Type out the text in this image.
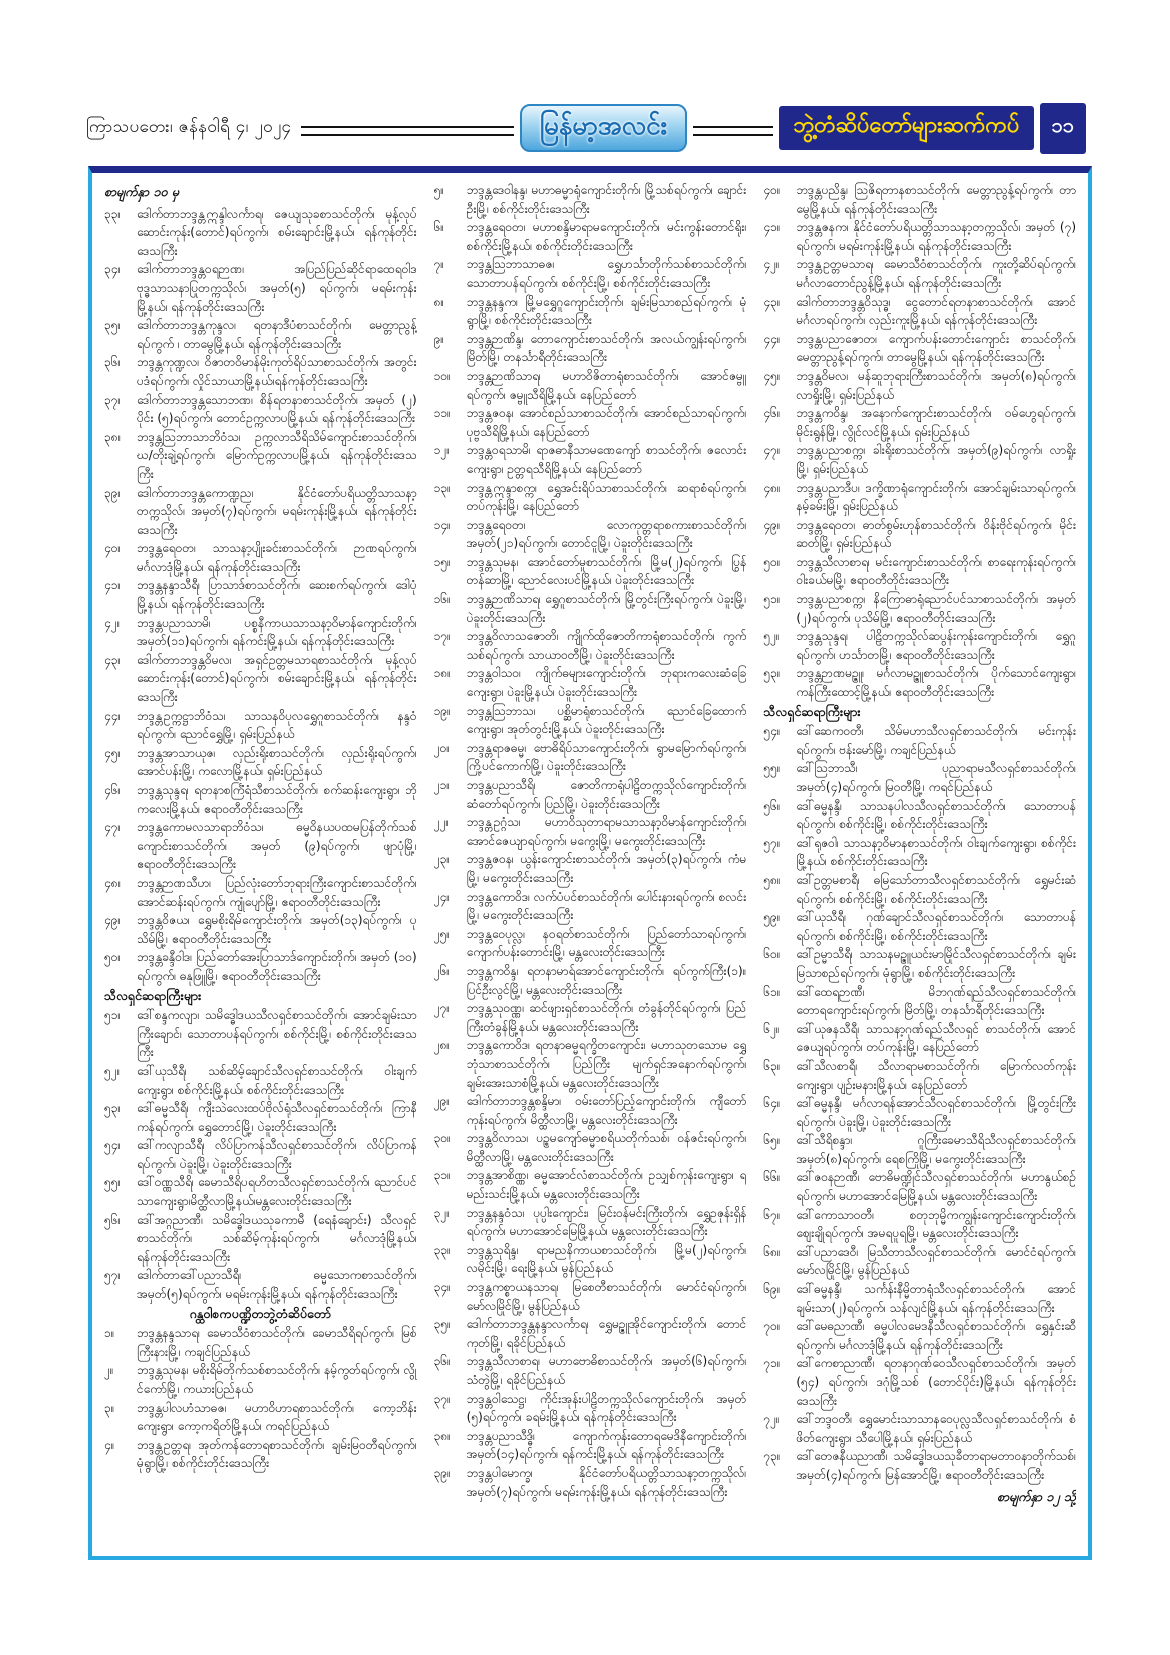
ကြာသပတေး၊ ဇန်နဝါရီ ၄၊ ၂၀၂၄	မြန်မာ့အလင်း	ဘွဲ့တံဆိပ်တော်များဆက်ကပ်	၁၁
စာမျက်နှာ ၁၀ မှ
၃၃။ ဒေါက်တာဘဒ္ဒန္တဣန္ဒါလင်္ကာရ၊ ဇေယျသုခစာသင်တိုက်၊ မုန့်လုပ်ဆောင်းကုန်း(တောင်)ရပ်ကွက်၊ စမ်းချောင်းမြို့နယ်၊ ရန်ကုန်တိုင်းဒေသကြီး
၃၄။ ဒေါက်တာဘဒ္ဒန္တဝရဉာဏ၊ အပြည်ပြည်ဆိုင်ရာထေရဝါဒဗုဒ္ဓသာသနာပြုတက္ကသိုလ်၊ အမှတ်(၅) ရပ်ကွက်၊ မရမ်းကုန်းမြို့နယ်၊ ရန်ကုန်တိုင်းဒေသကြီး
၃၅။ ဒေါက်တာဘဒ္ဒန္တကုန္ဒလ၊ ရတနာဒီပံစာသင်တိုက်၊ မေတ္တာညွန့်ရပ်ကွက် ၊ တာမွေမြို့နယ်၊ ရန်ကုန်တိုင်းဒေသကြီး
၃၆။ ဘဒ္ဒန္တကုဏ္ဍလ၊ ဝိဇာတဝိမာန်မိုးကုတ်ရိပ်သာစာသင်တိုက်၊ အတွင်းပဒံရပ်ကွက်၊ လှိုင်သာယာမြို့နယ်၊ရန်ကုန်တိုင်းဒေသကြီး
၃၇။ ဒေါက်တာဘဒ္ဒန္တသောဘဏ၊ စိန်ရတနာစာသင်တိုက်၊ အမှတ် (၂) ပိုင်း (၅)ရပ်ကွက်၊ တောင်ဥက္ကလာပမြို့နယ်၊ ရန်ကုန်တိုင်းဒေသကြီး
၃၈။ ဘဒ္ဒန္တဩဘာသာဘိဝံသ၊ ဥက္ကလာသီရိသိမ်ကျောင်းစာသင်တိုက်၊ ဃ/တိုးချဲ့ရပ်ကွက်၊ မြောက်ဥက္ကလာပမြို့နယ်၊ ရန်ကုန်တိုင်းဒေသကြီး
၃၉။ ဒေါက်တာဘဒ္ဒန္တကောဏ္ဍည၊ နိုင်ငံတော်ပရိယတ္တိသာသနာ့တက္ကသိုလ်၊ အမှတ်(၇)ရပ်ကွက်၊ မရမ်းကုန်းမြို့နယ်၊ ရန်ကုန်တိုင်းဒေသကြီး
၄၀။ ဘဒ္ဒန္တရေဝတ၊ သာသနာ့ပျိုးခင်းစာသင်တိုက်၊ ဉာဏရပ်ကွက်၊ မင်္ဂလာဒုံမြို့နယ်၊ ရန်ကုန်တိုင်းဒေသကြီး
၄၁။ ဘဒ္ဒန္တနန္ဒာသီရီ၊ ပြာသာဒ်စာသင်တိုက်၊ ဆေးစက်ရပ်ကွက်၊ ဒေါပုံမြို့နယ်၊ ရန်ကုန်တိုင်းဒေသကြီး
၄၂။ ဘဒ္ဒန္တပညာသာမိ၊ ပစ္စနီကာယသာသနာ့ဝိမာန်ကျောင်းတိုက်၊ အမှတ်(၁၁)ရပ်ကွက်၊ ရန်ကင်းမြို့နယ်၊ ရန်ကုန်တိုင်းဒေသကြီး
၄၃။ ဒေါက်တာဘဒ္ဒန္တဝိမလ၊ အရှင်ဥတ္တမသာရစာသင်တိုက်၊ မုန့်လုပ်ဆောင်းကုန်း(တောင်)ရပ်ကွက်၊ စမ်းချောင်းမြို့နယ်၊ ရန်ကုန်တိုင်းဒေသကြီး
၄၄။ ဘဒ္ဒန္တဥက္ကဋ္ဌာဘိဝံသ၊ သာသနဝိပုလရွှေဂူစာသင်တိုက်၊ နန္ဒဝံရပ်ကွက်၊ ညောင်ရွှေမြို့၊ ရှမ်းပြည်နယ်
၄၅။ ဘဒ္ဒန္တအာသာယုဇ၊ လှည်းရိုးစာသင်တိုက်၊ လှည်းရိုးရပ်ကွက်၊ အောင်ပန်းမြို့၊ ကလောမြို့နယ်၊ ရှမ်းပြည်နယ်
၄၆။ ဘဒ္ဒန္တသုန္ဒရ၊ ရတနာစင်္ကြံရံသီစာသင်တိုက်၊ စက်ဆန်းကျေးရွာ၊ ဘိုကလေးမြို့နယ်၊ ဧရာဝတီတိုင်းဒေသကြီး
၄၇။ ဘဒ္ဒန္တကောမလသာရာဘိဝံသ၊ ဓမ္မဝိနယပထမပြန်တိုက်သစ်ကျောင်းစာသင်တိုက်၊ အမှတ် (၉)ရပ်ကွက်၊ ဖျာပုံမြို့၊ ဧရာဝတီတိုင်းဒေသကြီး
၄၈။ ဘဒ္ဒန္တဉာဏသီဟ၊ ပြည်လုံးတော်ဘုရားကြီးကျောင်းစာသင်တိုက်၊ အောင်ဆန်းရပ်ကွက်၊ ကျုံပျော်မြို့၊ ဧရာဝတီတိုင်းဒေသကြီး
၄၉။ ဘဒ္ဒန္တဝိဇယ၊ ရွှေမစိုးရိမ်ကျောင်းတိုက်၊ အမှတ်(၁၃)ရပ်ကွက်၊ ပုသိမ်မြို့၊ ဧရာဝတီတိုင်းဒေသကြီး
၅၀။ ဘဒ္ဒန္တခန္ဒီဝါဒ၊ ပြည်တော်အေးပြာသာဒ်ကျောင်းတိုက်၊ အမှတ် (၁၀) ရပ်ကွက်၊ ဓနုဖြူမြို့၊ ဧရာဝတီတိုင်းဒေသကြီး
သီလရှင်ဆရာကြီးများ
၅၁။ ဒေါ်စန္ဒကလျာ၊ သမိဒ္ဓေါဒယသီလရှင်စာသင်တိုက်၊ အောင်ချမ်းသာကြီးချောင်၊ သောတာပန်ရပ်ကွက်၊ စစ်ကိုင်းမြို့၊ စစ်ကိုင်းတိုင်းဒေသကြီး
၅၂။ ဒေါ်ယုသီရီ၊ သစ်ဆိမ့်ချောင်သီလရှင်စာသင်တိုက်၊ ဝါးချက်ကျေးရွာ၊ စစ်ကိုင်းမြို့နယ်၊ စစ်ကိုင်းတိုင်းဒေသကြီး
၅၃။ ဒေါ်ဓမ္မသီရီ၊ ကျီးသဲလေးထပ်ဗိုလ်ရုံသီလရှင်စာသင်တိုက်၊ ကြာနီကန်ရပ်ကွက်၊ ရွှေတောင်မြို့၊ ပဲခူးတိုင်းဒေသကြီး
၅၄။ ဒေါ်ကလျာသီရီ၊ လိပ်ပြာကန်သီလရှင်စာသင်တိုက်၊ လိပ်ပြာကန်ရပ်ကွက်၊ ပဲခူးမြို့၊ ပဲခူးတိုင်းဒေသကြီး
၅၅။ ဒေါ်ဝဏ္ဏသီရိ၊ ခေမာသီရိပရဟိတသီလရှင်စာသင်တိုက်၊ ညောင်ပင်သာကျေးရွာ၊မိတ္ထီလာမြို့နယ်၊မန္တလေးတိုင်းဒေသကြီး
၅၆။ ဒေါ်အဂ္ဂညာဏီ၊ သမိဒ္ဓေါဒယသုခကာမီ (ရေနံချောင်း) သီလရှင်စာသင်တိုက်၊ သစ်ဆိမ့်ကုန်းရပ်ကွက်၊ မင်္ဂလာဒုံမြို့နယ်၊ ရန်ကုန်တိုင်းဒေသကြီး
၅၇။ ဒေါက်တာဒေါ်ပညာသီရီ၊ ဓမ္မသောကစာသင်တိုက်၊ အမှတ်(၅)ရပ်ကွက်၊ မရမ်းကုန်းမြို့နယ်၊ ရန်ကုန်တိုင်းဒေသကြီး
ဂန္ထဝါစကပဏ္ဍိတဘွဲ့တံဆိပ်တော်
၁။ ဘဒ္ဒန္တနန္ဒသာရ၊ ခေမာသီဝံစာသင်တိုက်၊ ခေမာသီရိရပ်ကွက်၊ မြစ်ကြီးနားမြို့၊ ကချင်ပြည်နယ်
၂။ ဘဒ္ဒန္တသုမန၊ မစိုးရိမ်တိုက်သစ်စာသင်တိုက်၊ နမ့်ကွတ်ရပ်ကွက်၊ လွိုင်ကော်မြို့၊ ကယားပြည်နယ်
၃။ ဘဒ္ဒန္တပါလဟံသာဓဇ၊ မဟာဝိဟာရစာသင်တိုက်၊ ကော့ဘိန်းကျေးရွာ၊ ကော့ကရိတ်မြို့နယ်၊ ကရင်ပြည်နယ်
၄။ ဘဒ္ဒန္တဥတ္တရ၊ အုတ်ကန်တောရစာသင်တိုက်၊ ချမ်းမြဝတီရပ်ကွက်၊ မုံရွာမြို့၊ စစ်ကိုင်းတိုင်းဒေသကြီး
၅။ ဘဒ္ဒန္တဒေဝါနန္ဒ၊ မဟာဓမ္မာရုံကျောင်းတိုက်၊ မြို့သစ်ရပ်ကွက်၊ ချောင်းဦးမြို့၊ စစ်ကိုင်းတိုင်းဒေသကြီး
၆။ ဘဒ္ဒန္တရေဝတ၊ မဟာစန္ဒိမာရာမကျောင်းတိုက်၊ မင်းကွန်းတောင်ရိုး၊ စစ်ကိုင်းမြို့နယ်၊ စစ်ကိုင်းတိုင်းဒေသကြီး
၇။ ဘဒ္ဒန္တဩဘာသာဓဇ၊ ရွှေဟင်္သာတိုက်သစ်စာသင်တိုက်၊ သောတာပန်ရပ်ကွက်၊ စစ်ကိုင်းမြို့၊ စစ်ကိုင်းတိုင်းဒေသကြီး
၈။ ဘဒ္ဒန္တနန္ဒက၊ မြို့မရွှေဂူကျောင်းတိုက်၊ ချမ်းမြသာစည်ရပ်ကွက်၊ မုံရွာမြို့၊ စစ်ကိုင်းတိုင်းဒေသကြီး
၉။ ဘဒ္ဒန္တဉာဏိန္ဒ၊ တောကျောင်းစာသင်တိုက်၊ အလယ်ကျွန်းရပ်ကွက်၊ မြိတ်မြို့၊ တနင်္သာရီတိုင်းဒေသကြီး
၁၀။ ဘဒ္ဒန္တဉာဏိသာရ၊ မဟာဝိဇိတာရုံစာသင်တိုက်၊ အောင်ဇမ္ဗူရပ်ကွက်၊ ဇမ္ဗူသီရိမြို့နယ်၊ နေပြည်တော်
၁၁။ ဘဒ္ဒန္တဇဝန၊ အောင်စည်သာစာသင်တိုက်၊ အောင်စည်သာရပ်ကွက်၊ ပုဗ္ဗသီရိမြို့နယ်၊ နေပြည်တော်
၁၂။ ဘဒ္ဒန္တဝရသာမိ၊ ရာဇဓာနီသာမဏေကျော် စာသင်တိုက်၊ ဇလောင်းကျေးရွာ၊ ဥတ္တရသီရိမြို့နယ်၊ နေပြည်တော်
၁၃။ ဘဒ္ဒန္တဣန္ဒာစက္က၊ ရွှေအင်းရိပ်သာစာသင်တိုက်၊ ဆရာစံရပ်ကွက်၊ တပ်ကုန်းမြို့၊ နေပြည်တော်
၁၄။ ဘဒ္ဒန္တရေဝတ၊ လောကုတ္တရာစကားစာသင်တိုက်၊ အမှတ်(၂၁)ရပ်ကွက်၊ တောင်ငူမြို့၊ ပဲခူးတိုင်းဒေသကြီး
၁၅။ ဘဒ္ဒန္တသုမန၊ အောင်တော်မူစာသင်တိုက်၊ မြို့မ(၂)ရပ်ကွက်၊ ပြွန်တန်ဆာမြို့၊ ညောင်လေးပင်မြို့နယ်၊ ပဲခူးတိုင်းဒေသကြီး
၁၆။ ဘဒ္ဒန္တဉာဏိသာရ၊ ရွှေဂူစာသင်တိုက်၊ မြို့တွင်းကြီးရပ်ကွက်၊ ပဲခူးမြို့၊ ပဲခူးတိုင်းဒေသကြီး
၁၇။ ဘဒ္ဒန္တဝိလာသဇောတိ၊ ကျိုက်ထိုဇောတိကာရုံစာသင်တိုက်၊ ကွက်သစ်ရပ်ကွက်၊ သာယာဝတီမြို့၊ ပဲခူးတိုင်းဒေသကြီး
၁၈။ ဘဒ္ဒန္တဝါသဝ၊ ကျိုက်ဓများကျောင်းတိုက်၊ ဘုရားကလေးဆံခြေကျေးရွာ၊ ပဲခူးမြို့နယ်၊ ပဲခူးတိုင်းဒေသကြီး
၁၉။ ဘဒ္ဒန္တဩဘာသ၊ ပစ္ဆိမာရုံစာသင်တိုက်၊ ညောင်ခြေထောက်ကျေးရွာ၊ အုတ်တွင်းမြို့နယ်၊ ပဲခူးတိုင်းဒေသကြီး
၂၀။ ဘဒ္ဒန္တရာဇဓမ္မ၊ ဗောဓိရိပ်သာကျောင်းတိုက်၊ ရွာမမြောက်ရပ်ကွက်၊ ကြို့ပင်ကောက်မြို့၊ ပဲခူးတိုင်းဒေသကြီး
၂၁။ ဘဒ္ဒန္တပညာသီရိ၊ ဇောတိကာရုံပါဠိတက္ကသိုလ်ကျောင်းတိုက်၊ ဆံတော်ရပ်ကွက်၊ ပြည်မြို့၊ ပဲခူးတိုင်းဒေသကြီး
၂၂။ ဘဒ္ဒန္တဥဂ္ဂံသ၊ မဟာဝိသုတာရာမသာသနာ့ဝိမာန်ကျောင်းတိုက်၊ အောင်ဇေယျာရပ်ကွက်၊ မကွေးမြို့၊ မကွေးတိုင်းဒေသကြီး
၂၃။ ဘဒ္ဒန္တဇဝန၊ ယွန်းကျောင်းစာသင်တိုက်၊ အမှတ်(၃)ရပ်ကွက်၊ ကံမမြို့၊ မကွေးတိုင်းဒေသကြီး
၂၄။ ဘဒ္ဒန္တကောဝိဒ၊ လက်ပံပင်စာသင်တိုက်၊ ပေါင်းနားရပ်ကွက်၊ စလင်းမြို့၊ မကွေးတိုင်းဒေသကြီး
၂၅။ ဘဒ္ဒန္တဝေပုလ္လ၊ နဝရတ်စာသင်တိုက်၊ ပြည်တော်သာရပ်ကွက်၊ ကျောက်ပန်းတောင်းမြို့၊ မန္တလေးတိုင်းဒေသကြီး
၂၆။ ဘဒ္ဒန္တကဝိန္ဒ၊ ရတနာမာရ်အောင်ကျောင်းတိုက်၊ ရပ်ကွက်ကြီး(၁)။ ပြင်ဦးလွင်မြို့၊ မန္တလေးတိုင်းဒေသကြီး
၂၇။ ဘဒ္ဒန္တသုဝဏ္ဏ၊ ဆင်ဖျားရှင်စာသင်တိုက်၊ တံခွန်တိုင်ရပ်ကွက်၊ ပြည်ကြီးတံခွန်မြို့နယ်၊ မန္တလေးတိုင်းဒေသကြီး
၂၈။ ဘဒ္ဒန္တကောဝိဒ၊ ရတနာဓမ္မရက္ခိတကျောင်း၊ မဟာသုတသောမ ရွှေဘုံသာစာသင်တိုက်၊ ပြည်ကြီး မျက်ရှင်အနောက်ရပ်ကွက်၊ ချမ်းအေးသာစံမြို့နယ်၊ မန္တလေးတိုင်းဒေသကြီး
၂၉။ ဒေါက်တာဘဒ္ဒန္တစန္ဒိမာ၊ ဝမ်းတော်ပြည့်ကျောင်းတိုက်၊ ကျီတော်ကုန်းရပ်ကွက်၊ မိတ္ထီလာမြို့၊ မန္တလေးတိုင်းဒေသကြီး
၃၀။ ဘဒ္ဒန္တဝိလာသ၊ ပဉ္စမကျော်ဓမ္မာစရိယတိုက်သစ်၊ ဝန်ဇင်းရပ်ကွက်၊ မိတ္ထီလာမြို့၊ မန္တလေးတိုင်းဒေသကြီး
၃၁။ ဘဒ္ဒန္တအာစိဏ္ဏ၊ ဓမ္မအောင်လံစာသင်တိုက်၊ ဥသျှစ်ကုန်းကျေးရွာ၊ ရမည်းသင်းမြို့နယ်၊ မန္တလေးတိုင်းဒေသကြီး
၃၂။ ဘဒ္ဒန္တနန္ဒဝံသ၊ ပုပ္ပါးကျောင်း၊ မြင်းဝန်မင်းကြီးတိုက်၊ ရွှေဥဇုန်းရှိန်ရပ်ကွက်၊ မဟာအောင်မြေမြို့နယ်၊ မန္တလေးတိုင်းဒေသကြီး
၃၃။ ဘဒ္ဒန္တသုရိန္ဒ၊ ရာမညနိကာယစာသင်တိုက်၊ မြို့မ(၂)ရပ်ကွက်၊ လမိုင်းမြို့၊ ရေးမြို့နယ်၊ မွန်ပြည်နယ်
၃၄။ ဘဒ္ဒန္တကစ္စာယနသာရ၊ မြစေတီစာသင်တိုက်၊ မောင်ငံရပ်ကွက်၊ မော်လမြိုင်မြို့၊ မွန်ပြည်နယ်
၃၅။ ဒေါက်တာဘဒ္ဒန္တနန္ဒာလင်္ကာရ၊ ရွှေမဥ္ဇူအိုင်ကျောင်းတိုက်၊ တောင်ကုတ်မြို့၊ ရခိုင်ပြည်နယ်
၃၆။ ဘဒ္ဒန္တသီလာစာရ၊ မဟာဗောဓိစာသင်တိုက်၊ အမှတ်(၆)ရပ်ကွက်၊ သံတွဲမြို့၊ ရခိုင်ပြည်နယ်
၃၇။ ဘဒ္ဒန္တဝါသေဋ္ဌ၊ ကိုင်းအုန်းပါဠိတက္ကသိုလ်ကျောင်းတိုက်၊ အမှတ် (၅)ရပ်ကွက်၊ ခရမ်းမြို့နယ်၊ ရန်ကုန်တိုင်းဒေသကြီး
၃၈။ ဘဒ္ဒန္တပညာသီဒ္ဓိ၊ ကျောက်ကုန်းတောရမေဒိနီကျောင်းတိုက်၊ အမှတ်(၁၄)ရပ်ကွက်၊ ရန်ကင်းမြို့နယ်၊ ရန်ကုန်တိုင်းဒေသကြီး
၃၉။ ဘဒ္ဒန္တပါမောက္ခ၊ နိုင်ငံတော်ပရိယတ္တိသာသနာ့တက္ကသိုလ်၊ အမှတ်(၇)ရပ်ကွက်၊ မရမ်းကုန်းမြို့နယ်၊ ရန်ကုန်တိုင်းဒေသကြီး
၄၀။ ဘဒ္ဒန္တပညိန္ဒ၊ ဩဇိရတာနစာသင်တိုက်၊ မေတ္တာညွန့်ရပ်ကွက်၊ တာမွေမြို့နယ်၊ ရန်ကုန်တိုင်းဒေသကြီး
၄၁။ ဘဒ္ဒန္တဇနက၊ နိုင်ငံတော်ပရိယတ္တိသာသနာ့တက္ကသိုလ်၊ အမှတ် (၇) ရပ်ကွက်၊ မရမ်းကုန်းမြို့နယ်၊ ရန်ကုန်တိုင်းဒေသကြီး
၄၂။ ဘဒ္ဒန္တဥတ္တမသာရ၊ ခေမာသီဝံစာသင်တိုက်၊ ကူးတို့ဆိပ်ရပ်ကွက်၊ မင်္ဂလာတောင်ညွန့်မြို့နယ်၊ ရန်ကုန်တိုင်းဒေသကြီး
၄၃။ ဒေါက်တာဘဒ္ဒန္တဝိသုဒ္ဓ၊ ငွေတောင်ရတနာစာသင်တိုက်၊ အောင်မင်္ဂလာရပ်ကွက်၊ လှည်းကူးမြို့နယ်၊ ရန်ကုန်တိုင်းဒေသကြီး
၄၄။ ဘဒ္ဒန္တပညာဇောတ၊ ကျောက်ပန်းတောင်းကျောင်း စာသင်တိုက်၊ မေတ္တာညွန့်ရပ်ကွက်၊ တာမွေမြို့နယ်၊ ရန်ကုန်တိုင်းဒေသကြီး
၄၅။ ဘဒ္ဒန္တဝိမလ၊ မန်ဆူဘုရားကြီးစာသင်တိုက်၊ အမှတ်(၈)ရပ်ကွက်၊ လာရှိုးမြို့၊ ရှမ်းပြည်နယ်
၄၆။ ဘဒ္ဒန္တကဝိန္ဒ၊ အနောက်ကျောင်းစာသင်တိုက်၊ ဝမ်ဟွေရပ်ကွက်၊ မိုင်းရွန်မြို့၊ လွိုင်လင်မြို့နယ်၊ ရှမ်းပြည်နယ်
၄၇။ ဘဒ္ဒန္တပညာစက္က၊ ခါးရိုးစာသင်တိုက်၊ အမှတ်(၉)ရပ်ကွက်၊ လာရှိုးမြို့၊ ရှမ်းပြည်နယ်
၄၈။ ဘဒ္ဒန္တပညာဒီပ၊ ဒက္ခိဏာရုံကျောင်းတိုက်၊ အောင်ချမ်းသာရပ်ကွက်၊ နမ့်ခမ်းမြို့၊ ရှမ်းပြည်နယ်
၄၉။ ဘဒ္ဒန္တရေဝတ၊ ဓာတ်စွမ်းဟုန်စာသင်တိုက်၊ ဝိန်းဗိုင်ရပ်ကွက်၊ မိုင်းဆတ်မြို့၊ ရှမ်းပြည်နယ်
၅၀။ ဘဒ္ဒန္တသီလာစာရ၊ မင်းကျောင်းစာသင်တိုက်၊ စာရေးကုန်းရပ်ကွက်၊ ဝါးခယ်မမြို့၊ ဧရာဝတီတိုင်းဒေသကြီး
၅၁။ ဘဒ္ဒန္တပညာစက္က၊ နိကြောဓာရုံညောင်ပင်သာစာသင်တိုက်၊ အမှတ် (၂)ရပ်ကွက်၊ ပုသိမ်မြို့၊ ဧရာဝတီတိုင်းဒေသကြီး
၅၂။ ဘဒ္ဒန္တသုန္ဒရ၊ ပါဠိတက္ကသိုလ်ဆပွန်းကုန်းကျောင်းတိုက်၊ ရွှေဂူရပ်ကွက်၊ ဟင်္သာတမြို့၊ ဧရာဝတီတိုင်းဒေသကြီး
၅၃။ ဘဒ္ဒန္တဉာဏမဥ္ဇူ၊ မင်္ဂလာမဥ္ဇူစာသင်တိုက်၊ ပိုက်သောင်ကျေးရွာ၊ ကန်ကြီးထောင့်မြို့နယ်၊ ဧရာဝတီတိုင်းဒေသကြီး
သီလရှင်ဆရာကြီးများ
၅၄။ ဒေါ်ဆေကဝတီ၊ သိမ်မဟာသီလရှင်စာသင်တိုက်၊ မင်းကုန်းရပ်ကွက်၊ ဗန်းမော်မြို့၊ ကချင်ပြည်နယ်
၅၅။ ဒေါ်ဩဘာသီ၊ ပုညာရာမသီလရှင်စာသင်တိုက်၊ အမှတ်(၄)ရပ်ကွက်၊ မြဝတီမြို့၊ ကရင်ပြည်နယ်
၅၆။ ဒေါ်ဓမ္မနန္ဒီ၊ သာသနပါလသီလရှင်စာသင်တိုက်၊ သောတာပန်ရပ်ကွက်၊ စစ်ကိုင်းမြို့၊ စစ်ကိုင်းတိုင်းဒေသကြီး
၅၇။ ဒေါ်ရုဇဝါ၊ သာသနာ့ဝိမာနစာသင်တိုက်၊ ဝါးချက်ကျေးရွာ၊ စစ်ကိုင်းမြို့နယ်၊ စစ်ကိုင်းတိုင်းဒေသကြီး
၅၈။ ဒေါ်ဥတ္တမစာရီ၊ ဓမြသော်တာသီလရှင်စာသင်တိုက်၊ ရွှေမင်းဆံရပ်ကွက်၊ စစ်ကိုင်းမြို့၊ စစ်ကိုင်းတိုင်းဒေသကြီး
၅၉။ ဒေါ်ယုသီရီ၊ ဂုဏ်ချောင်သီလရှင်စာသင်တိုက်၊ သောတာပန်ရပ်ကွက်၊ စစ်ကိုင်းမြို့၊ စစ်ကိုင်းတိုင်းဒေသကြီး
၆၀။ ဒေါ်ဥမ္မာသီရီ၊ သာသနမဥ္ဇူယင်းမာမြိုင်သီလရှင်စာသင်တိုက်၊ ချမ်းမြသာစည်ရပ်ကွက်၊ မုံရွာမြို့၊ စစ်ကိုင်းတိုင်းဒေသကြီး
၆၁။ ဒေါ်ထေရဉာဏီ၊ မိဘဂုဏ်ရည်သီလရှင်စာသင်တိုက်၊ တောရကျောင်းရပ်ကွက်၊ မြိတ်မြို့၊ တနင်္သာရီတိုင်းဒေသကြီး
၆၂။ ဒေါ်ယုဇနသီရီ၊ သာသနာ့ဂုဏ်ရည်သီလရှင် စာသင်တိုက်၊ အောင်ဇေယျရပ်ကွက်၊ တပ်ကုန်းမြို့၊ နေပြည်တော်
၆၃။ ဒေါ်သီလစာရီ၊ သီလာရာမစာသင်တိုက်၊ မြောက်လတ်ကုန်းကျေးရွာ၊ ပျဉ်းမနားမြို့နယ်၊ နေပြည်တော်
၆၄။ ဒေါ်ဓမ္မနန္ဒီ၊ မင်္ဂလာရန်အောင်သီလရှင်စာသင်တိုက်၊ မြို့တွင်းကြီးရပ်ကွက်၊ ပဲခူးမြို့၊ ပဲခူးတိုင်းဒေသကြီး
၆၅။ ဒေါ်သီရိစန္ဒာ၊ ဂူကြီးခေမာသီရိသီလရှင်စာသင်တိုက်၊ အမှတ်(၈)ရပ်ကွက်၊ ရေစကြိုမြို့၊ မကွေးတိုင်းဒေသကြီး
၆၆။ ဒေါ်ဇဝနဉာဏီ၊ ဗောဓိမဏ္ဍိုင်သီလရှင်စာသင်တိုက်၊ မဟာနွယ်စဉ်ရပ်ကွက်၊ မဟာအောင်မြေမြို့နယ်၊ မန္တလေးတိုင်းဒေသကြီး
၆၇။ ဒေါ်ကောသာဝတီ၊ စတုဘုမ္မိကကျွန်းကျောင်းကျောင်းတိုက်၊ ဈေးချိုရပ်ကွက်၊ အမရပူရမြို့၊ မန္တလေးတိုင်းဒေသကြီး
၆၈။ ဒေါ်ပညာဒေဝီ၊ မြသီတာသီလရှင်စာသင်တိုက်၊ မောင်ငံရပ်ကွက်၊ မော်လမြိုင်မြို့၊ မွန်ပြည်နယ်
၆၉။ ဒေါ်ဓမ္မနန္ဒီ၊ သင်္ကန်းနီမ္မိတာရုံသီလရှင်စာသင်တိုက်၊ အောင်ချမ်းသာ(၂)ရပ်ကွက်၊ သန်လျင်မြို့နယ်၊ ရန်ကုန်တိုင်းဒေသကြီး
၇၀။ ဒေါ်မေဓညာဏီ၊ ဓမ္မပါလမေဒနီသီလရှင်စာသင်တိုက်၊ ရွှေနှင်းဆီရပ်ကွက်၊ မင်္ဂလာဒုံမြို့နယ်၊ ရန်ကုန်တိုင်းဒေသကြီး
၇၁။ ဒေါ်ကေစာညာဏီ၊ ရတနာဂုဏ်ဝေသီလရှင်စာသင်တိုက်၊ အမှတ် (၅၄) ရပ်ကွက်၊ ဒဂုံမြို့သစ် (တောင်ပိုင်း)မြို့နယ်၊ ရန်ကုန်တိုင်းဒေသကြီး
၇၂။ ဒေါ်ဘဒ္ဒဝတီ၊ ရွှေမောင်းသာသာနဝေပုလ္လသီလရှင်စာသင်တိုက်၊ စံဖိတ်ကျေးရွာ၊ သီပေါမြို့နယ်၊ ရှမ်းပြည်နယ်
၇၃။ ဒေါ်တေဇနီယညာဏီ၊ သမိဒ္ဓေါဒယသုခီတာရာမတာဝနာတိုက်သစ်၊ အမှတ်(၄)ရပ်ကွက်၊ မြန်အောင်မြို့၊ ဧရာဝတီတိုင်းဒေသကြီး
စာမျက်နှာ ၁၂ သို့
